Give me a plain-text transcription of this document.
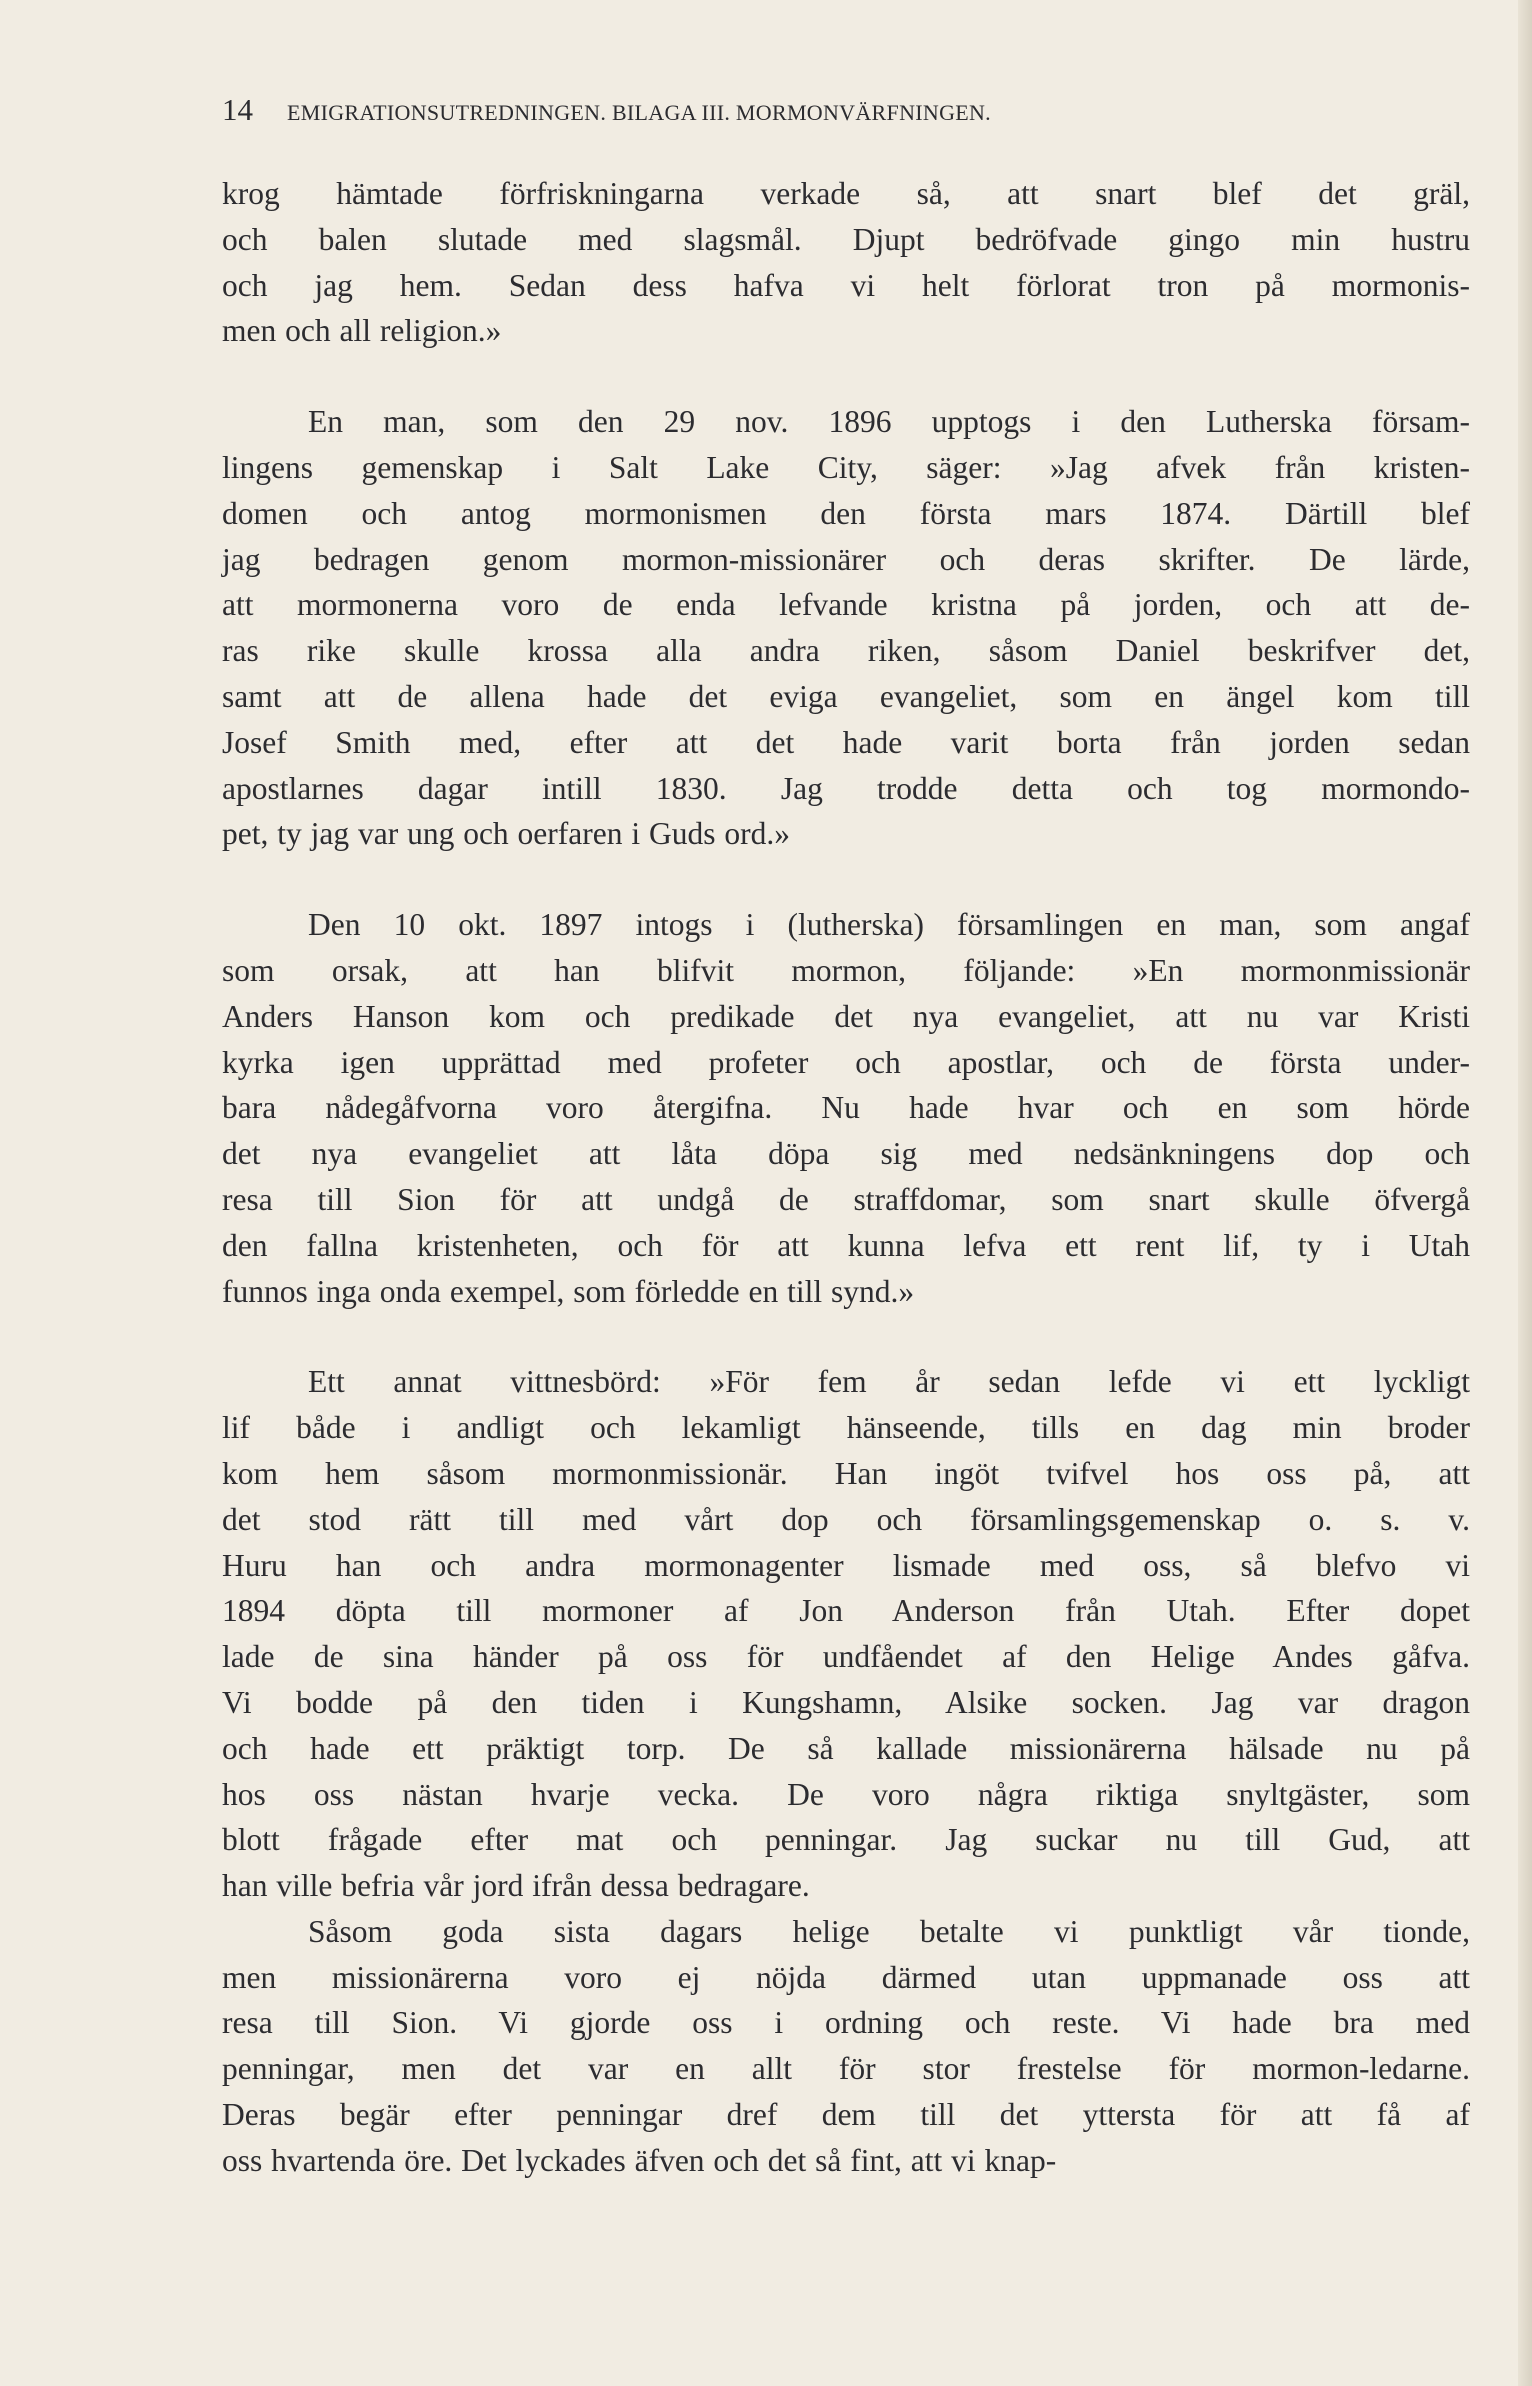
14 EMIGRATIONSUTREDNINGEN. BILAGA III. MORMONVÄRFNINGEN.

krog hämtade förfriskningarna verkade så, att snart blef det gräl,
och balen slutade med slagsmål. Djupt bedröfvade gingo min hustru
och jag hem. Sedan dess hafva vi helt förlorat tron på mormonis-
men och all religion.»

En man, som den 29 nov. 1896 upptogs i den Lutherska försam-
lingens gemenskap i Salt Lake City, säger: »Jag afvek från kristen-
domen och antog mormonismen den första mars 1874. Därtill blef
jag bedragen genom mormon-missionärer och deras skrifter. De lärde,
att mormonerna voro de enda lefvande kristna på jorden, och att de-
ras rike skulle krossa alla andra riken, såsom Daniel beskrifver det,
samt att de allena hade det eviga evangeliet, som en ängel kom till
Josef Smith med, efter att det hade varit borta från jorden sedan
apostlarnes dagar intill 1830. Jag trodde detta och tog mormondo-
pet, ty jag var ung och oerfaren i Guds ord.»

Den 10 okt. 1897 intogs i (lutherska) församlingen en man, som angaf
som orsak, att han blifvit mormon, följande: »En mormonmissionär
Anders Hanson kom och predikade det nya evangeliet, att nu var Kristi
kyrka igen upprättad med profeter och apostlar, och de första under-
bara nådegåfvorna voro återgifna. Nu hade hvar och en som hörde
det nya evangeliet att låta döpa sig med nedsänkningens dop och
resa till Sion för att undgå de straffdomar, som snart skulle öfvergå
den fallna kristenheten, och för att kunna lefva ett rent lif, ty i Utah
funnos inga onda exempel, som förledde en till synd.»

Ett annat vittnesbörd: »För fem år sedan lefde vi ett lyckligt
lif både i andligt och lekamligt hänseende, tills en dag min broder
kom hem såsom mormonmissionär. Han ingöt tvifvel hos oss på, att
det stod rätt till med vårt dop och församlingsgemenskap o. s. v.
Huru han och andra mormonagenter lismade med oss, så blefvo vi
1894 döpta till mormoner af Jon Anderson från Utah. Efter dopet
lade de sina händer på oss för undfåendet af den Helige Andes gåfva.
Vi bodde på den tiden i Kungshamn, Alsike socken. Jag var dragon
och hade ett präktigt torp. De så kallade missionärerna hälsade nu på
hos oss nästan hvarje vecka. De voro några riktiga snyltgäster, som
blott frågade efter mat och penningar. Jag suckar nu till Gud, att
han ville befria vår jord ifrån dessa bedragare.

Såsom goda sista dagars helige betalte vi punktligt vår tionde,
men missionärerna voro ej nöjda därmed utan uppmanade oss att
resa till Sion. Vi gjorde oss i ordning och reste. Vi hade bra med
penningar, men det var en allt för stor frestelse för mormon-ledarne.
Deras begär efter penningar dref dem till det yttersta för att få af
oss hvartenda öre. Det lyckades äfven och det så fint, att vi knap-
